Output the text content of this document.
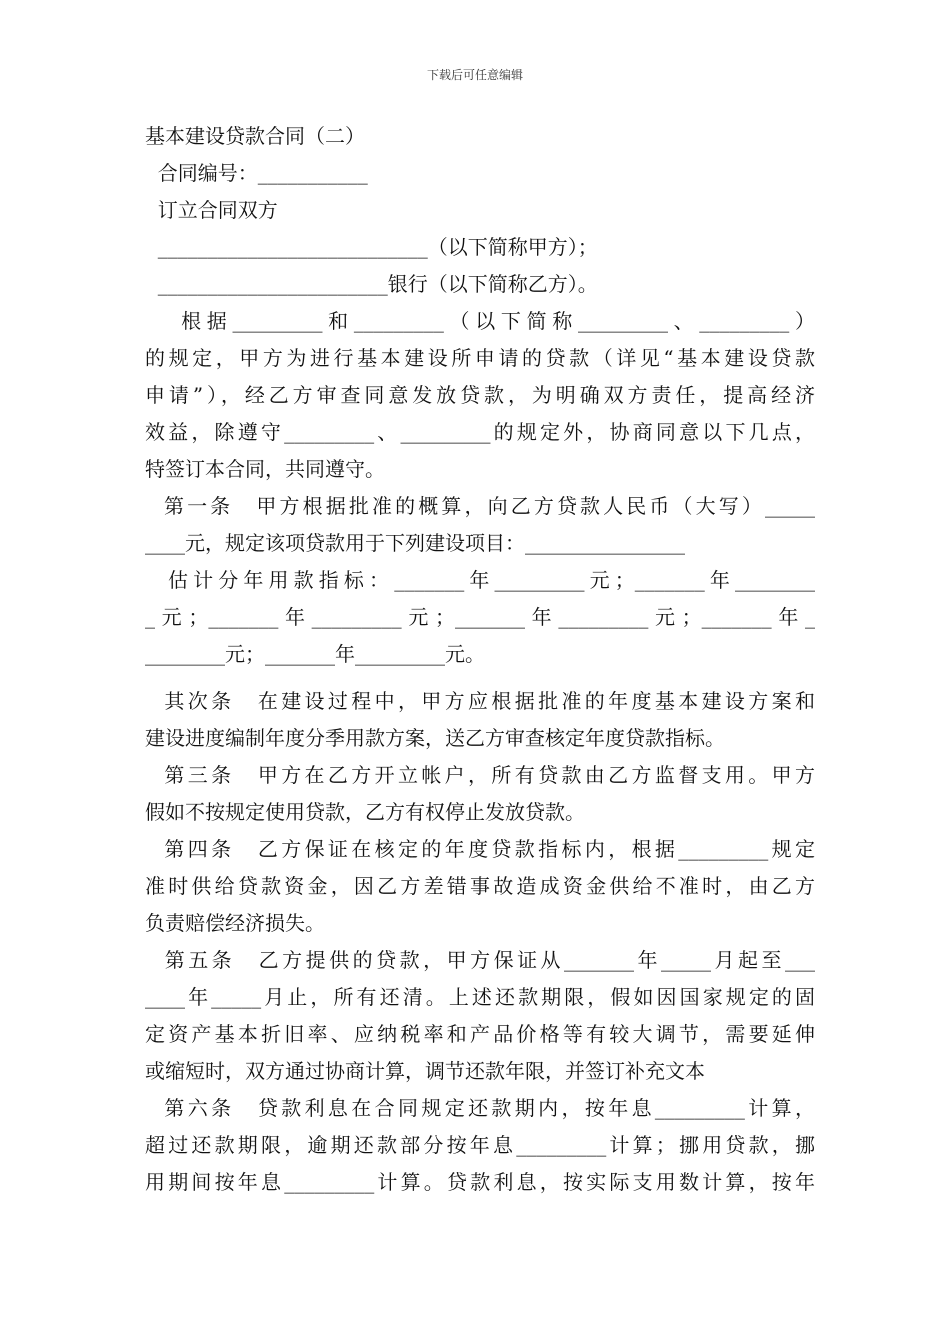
下载后可任意编辑
基本建设贷款合同（二）
合同编号：___________
订立合同双方
___________________________（以下简称甲方）；
_______________________银行（以下简称乙方）。
根据_________和_________（以下简称_________、_________）
的规定，甲方为进行基本建设所申请的贷款（详见“基本建设贷款
申请”），经乙方审查同意发放贷款，为明确双方责任，提高经济
效益，除遵守_________、_________的规定外，协商同意以下几点，
特签订本合同，共同遵守。
第一条　甲方根据批准的概算，向乙方贷款人民币（大写）_____
____元，规定该项贷款用于下列建设项目：________________
估计分年用款指标：_______年_________元；_______年________
_元；_______年_________元；_______年_________元；_______年_
________元；_______年_________元。
其次条　在建设过程中，甲方应根据批准的年度基本建设方案和
建设进度编制年度分季用款方案，送乙方审查核定年度贷款指标。
第三条　甲方在乙方开立帐户，所有贷款由乙方监督支用。甲方
假如不按规定使用贷款，乙方有权停止发放贷款。
第四条　乙方保证在核定的年度贷款指标内，根据_________规定
准时供给贷款资金，因乙方差错事故造成资金供给不准时，由乙方
负责赔偿经济损失。
第五条　乙方提供的贷款，甲方保证从_______年_____月起至___
____年_____月止，所有还清。上述还款期限，假如因国家规定的固
定资产基本折旧率、应纳税率和产品价格等有较大调节，需要延伸
或缩短时，双方通过协商计算，调节还款年限，并签订补充文本
第六条　贷款利息在合同规定还款期内，按年息_________计算，
超过还款期限，逾期还款部分按年息_________计算；挪用贷款，挪
用期间按年息_________计算。贷款利息，按实际支用数计算，按年
